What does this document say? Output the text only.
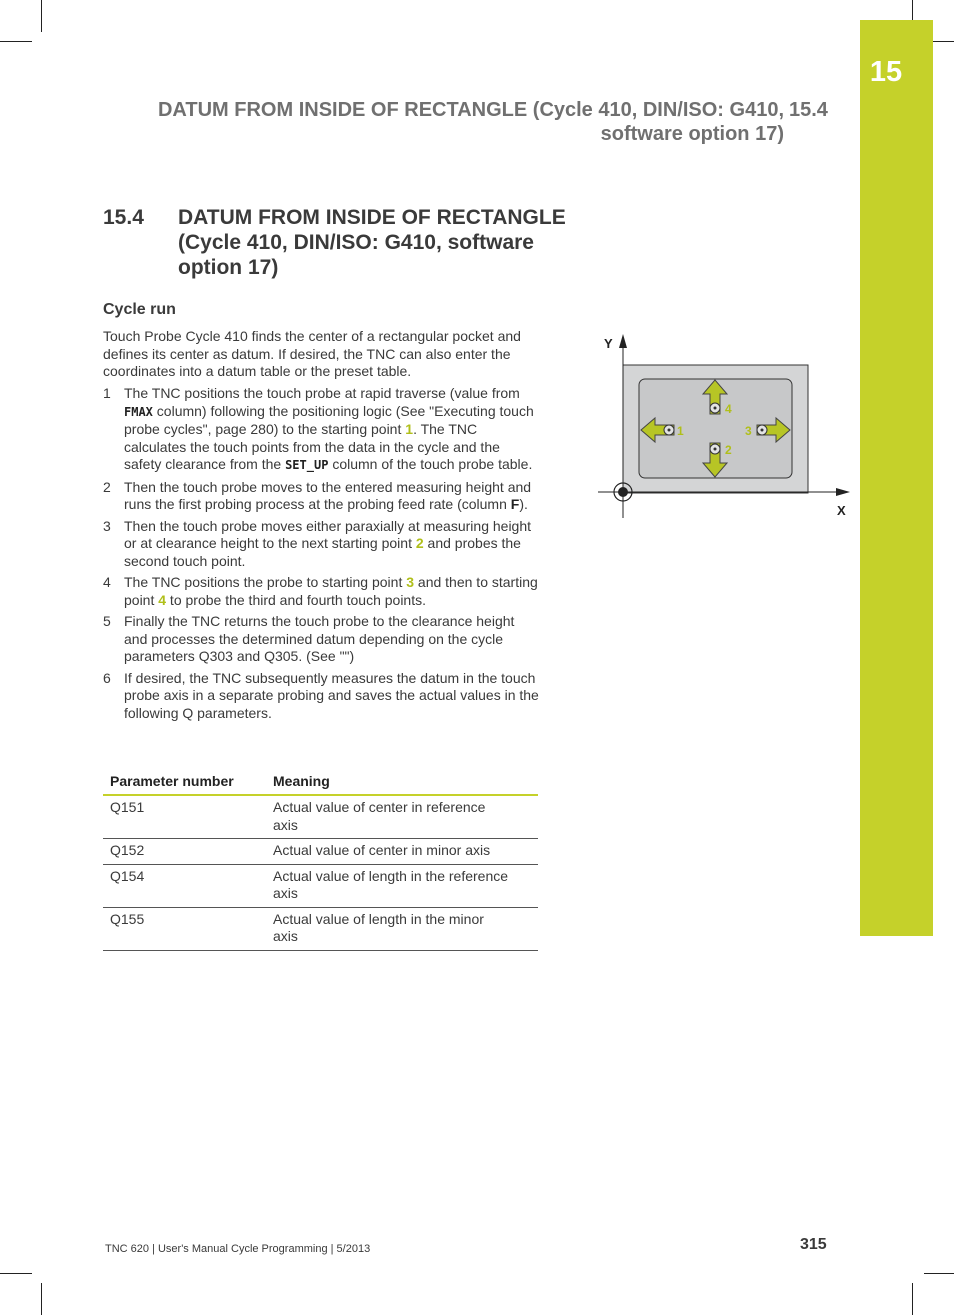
15
DATUM FROM INSIDE OF RECTANGLE (Cycle 410, DIN/ISO: G410,
software option 17)
15.4
15.4 DATUM FROM INSIDE OF RECTANGLE
(Cycle 410, DIN/ISO: G410, software
option 17)
Cycle run
Touch Probe Cycle 410 finds the center of a rectangular pocket and defines its center as datum. If desired, the TNC can also enter the coordinates into a datum table or the preset table.
1 The TNC positions the touch probe at rapid traverse (value from FMAX column) following the positioning logic (See "Executing touch probe cycles", page 280) to the starting point 1. The TNC calculates the touch points from the data in the cycle and the safety clearance from the SET_UP column of the touch probe table.
2 Then the touch probe moves to the entered measuring height and runs the first probing process at the probing feed rate (column F).
3 Then the touch probe moves either paraxially at measuring height or at clearance height to the next starting point 2 and probes the second touch point.
4 The TNC positions the probe to starting point 3 and then to starting point 4 to probe the third and fourth touch points.
5 Finally the TNC returns the touch probe to the clearance height and processes the determined datum depending on the cycle parameters Q303 and Q305. (See "")
6 If desired, the TNC subsequently measures the datum in the touch probe axis in a separate probing and saves the actual values in the following Q parameters.
Parameter number	Meaning
Q151	Actual value of center in reference
axis

Q152	Actual value of center in minor axis

Q154	Actual value of length in the reference
axis

Q155	Actual value of length in the minor
axis
Y
X
4
2
1	3
TNC 620 | User's Manual Cycle Programming | 5/2013	315
